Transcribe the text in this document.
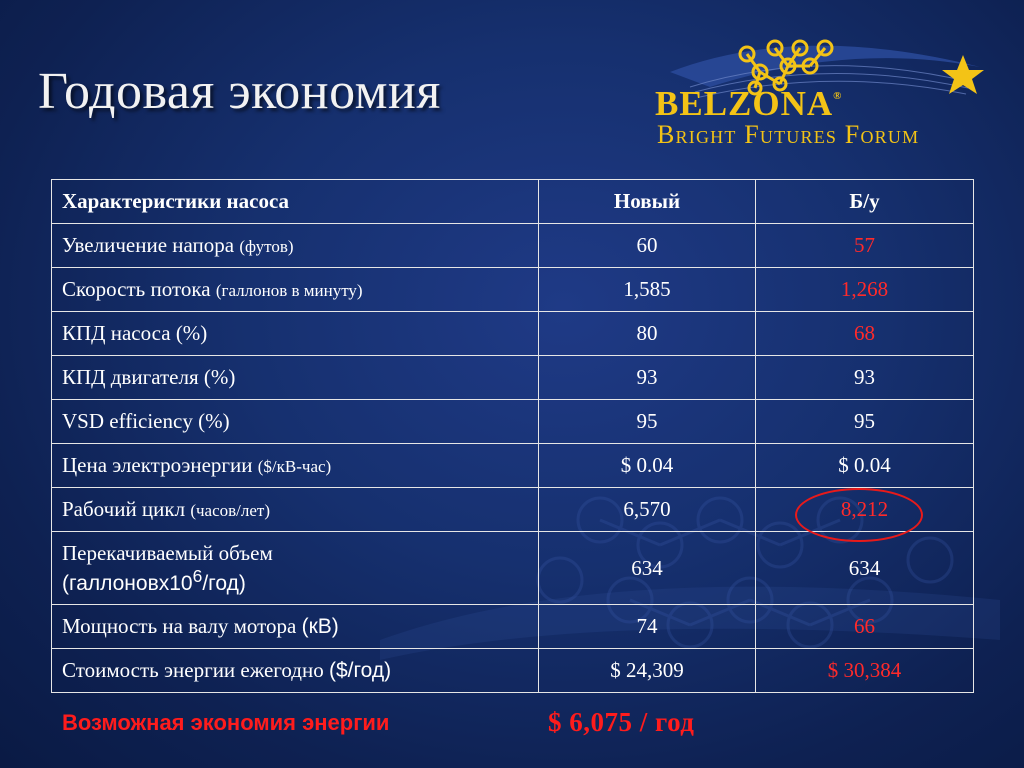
Годовая экономия	BELZONA®
Bright Futures Forum
Характеристики насоса	Новый	Б/у
Увеличение напора (футов)	60	57
Скорость потока (галлонов в минуту)	1,585	1,268
КПД насоса (%)	80	68
КПД двигателя (%)	93	93
VSD efficiency (%)	95	95
Цена электроэнергии ($/кВ-час)	$ 0.04	$ 0.04
Рабочий цикл (часов/лет)	6,570	8,212
Перекачиваемый объем
$(галлоновx10^6/год)$	634	634
Мощность на валу мотора (кВ)	74	66
Стоимость энергии ежегодно ($/год)	$ 24,309	$ 30,384
Возможная экономия энергии	$ 6,075 / год
